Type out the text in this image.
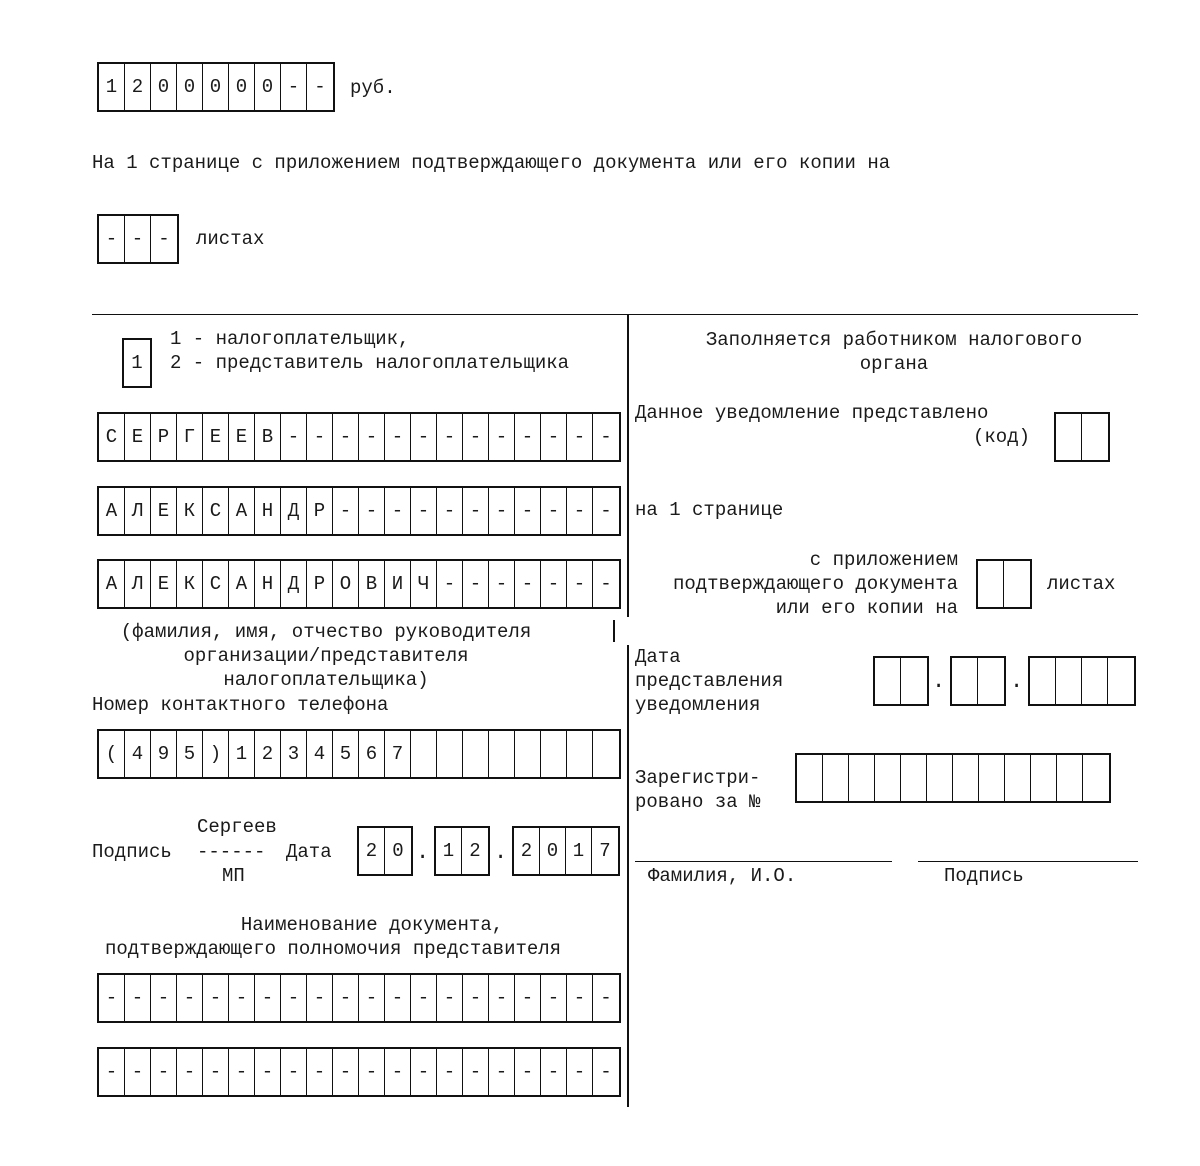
1 2 0 0 0 0 0 - -	руб.
На 1 странице с приложением подтверждающего документа или его копии на
- - -	листах
1
1 - налогоплательщик,
2 - представитель налогоплательщика
С Е Р Г Е Е В - - - - - - - - - - - - -
А Л Е К С А Н Д Р - - - - - - - - - - -
А Л Е К С А Н Д Р О В И Ч - - - - - - -
(фамилия, имя, отчество руководителя
организации/представителя
налогоплательщика)
Номер контактного телефона
( 4 9 5 ) 1 2 3 4 5 6 7
Сергеев
Подпись ------ Дата
МП
2 0 . 1 2 . 2 0 1 7
Наименование документа,
подтверждающего полномочия представителя
- - - - - - - - - - - - - - - - - - - -
- - - - - - - - - - - - - - - - - - - -
Заполняется работником налогового
органа
Данное уведомление представлено
(код)
на 1 странице
с приложением
подтверждающего документа
или его копии на
листах
Дата
представления
уведомления
.	.
Зарегистри-
ровано за №
Фамилия, И.О.	Подпись
